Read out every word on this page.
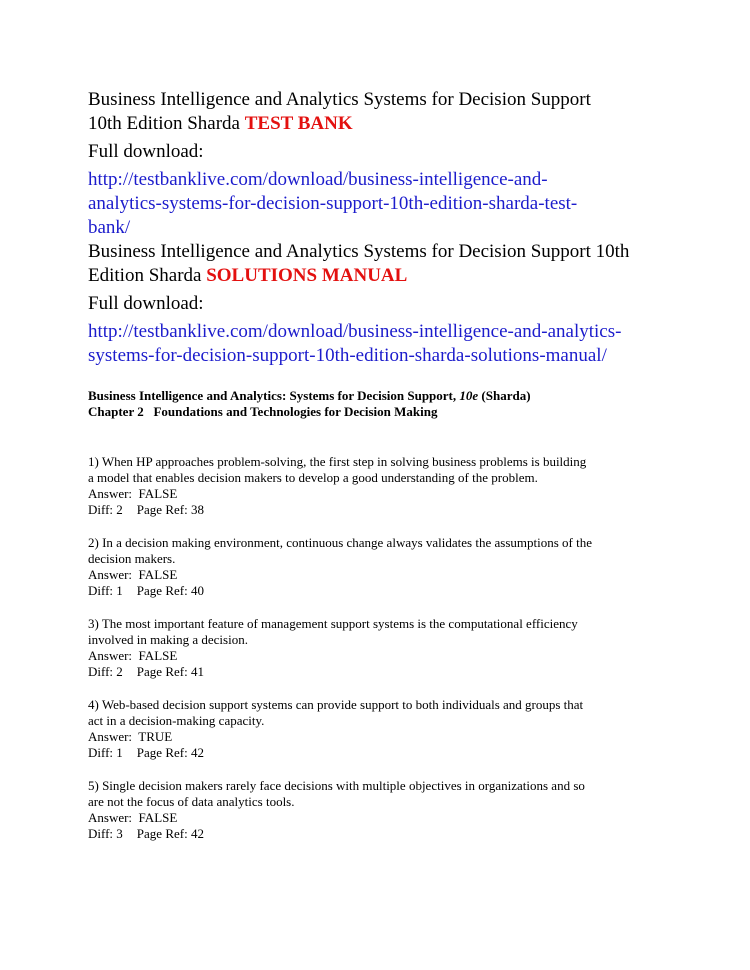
Business Intelligence and Analytics Systems for Decision Support
10th Edition Sharda TEST BANK
Full download:
http://testbanklive.com/download/business-intelligence-and-
analytics-systems-for-decision-support-10th-edition-sharda-test-
bank/
Business Intelligence and Analytics Systems for Decision Support 10th
Edition Sharda SOLUTIONS MANUAL
Full download:
http://testbanklive.com/download/business-intelligence-and-analytics-
systems-for-decision-support-10th-edition-sharda-solutions-manual/
Business Intelligence and Analytics: Systems for Decision Support, 10e (Sharda)
Chapter 2   Foundations and Technologies for Decision Making
1) When HP approaches problem-solving, the first step in solving business problems is building
a model that enables decision makers to develop a good understanding of the problem.
Answer:  FALSE
Diff: 2 Page Ref: 38
2) In a decision making environment, continuous change always validates the assumptions of the
decision makers.
Answer:  FALSE
Diff: 1 Page Ref: 40
3) The most important feature of management support systems is the computational efficiency
involved in making a decision.
Answer:  FALSE
Diff: 2 Page Ref: 41
4) Web-based decision support systems can provide support to both individuals and groups that
act in a decision-making capacity.
Answer:  TRUE
Diff: 1 Page Ref: 42
5) Single decision makers rarely face decisions with multiple objectives in organizations and so
are not the focus of data analytics tools.
Answer:  FALSE
Diff: 3 Page Ref: 42
